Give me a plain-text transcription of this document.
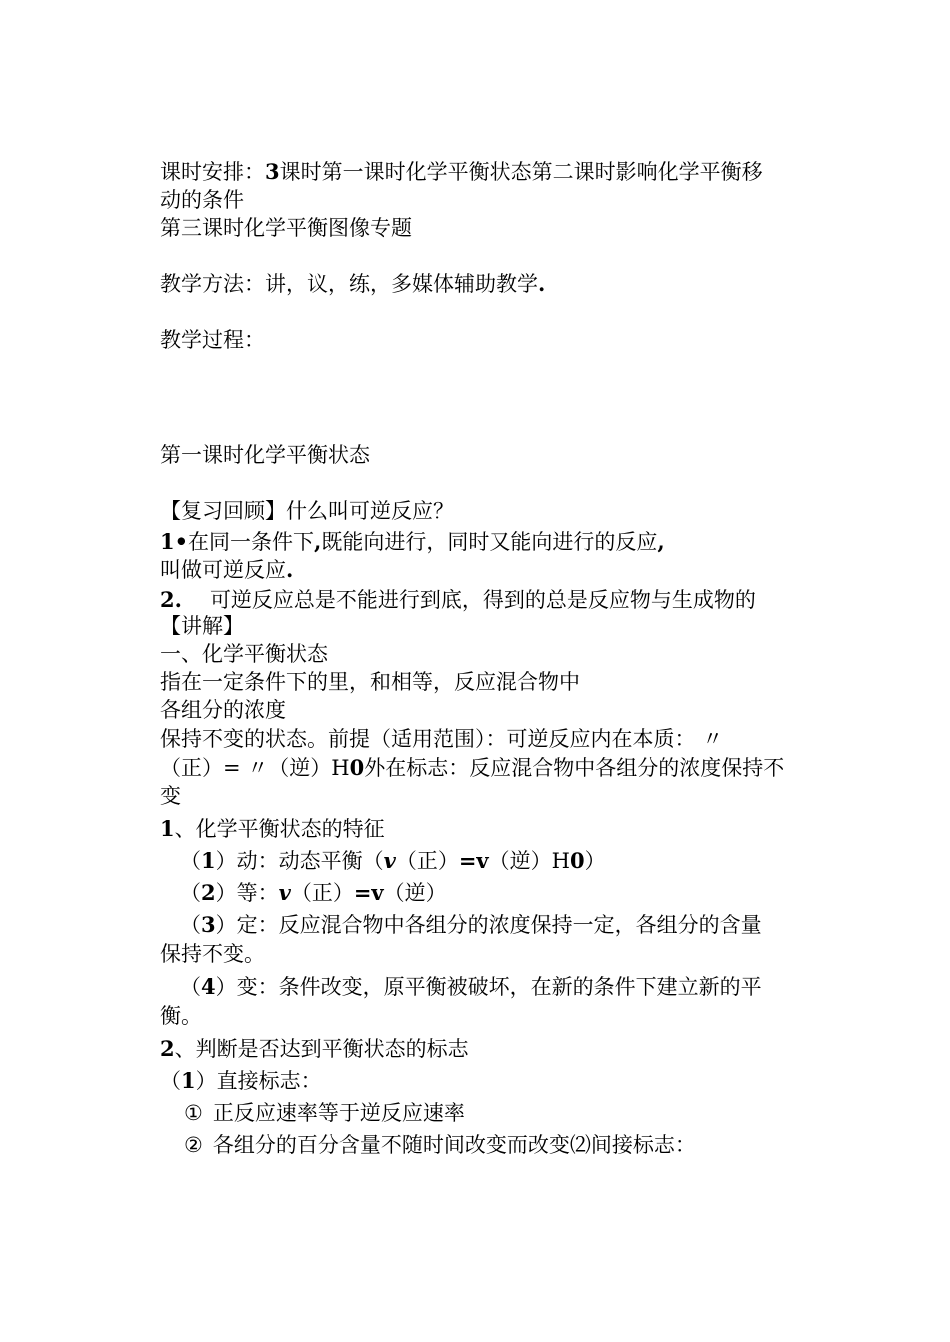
课时安排：3课时第一课时化学平衡状态第二课时影响化学平衡移
动的条件
第三课时化学平衡图像专题
教学方法：讲，议，练，多媒体辅助教学.
教学过程：
第一课时化学平衡状态
【复习回顾】什么叫可逆反应？
1•在同一条件下,既能向进行，同时又能向进行的反应,
叫做可逆反应.
2. 可逆反应总是不能进行到底，得到的总是反应物与生成物的
【讲解】
一、化学平衡状态
指在一定条件下的里，和相等，反应混合物中
各组分的浓度
保持不变的状态。前提（适用范围）：可逆反应内在本质： 〃
（正）= 〃（逆）H0外在标志：反应混合物中各组分的浓度保持不
变
1、化学平衡状态的特征
（1）动：动态平衡（v（正）=v（逆）H0）
（2）等：v（正）=v（逆）
（3）定：反应混合物中各组分的浓度保持一定，各组分的含量
保持不变。
（4）变：条件改变，原平衡被破坏，在新的条件下建立新的平
衡。
2、判断是否达到平衡状态的标志
（1）直接标志：
① 正反应速率等于逆反应速率
② 各组分的百分含量不随时间改变而改变⑵间接标志：
